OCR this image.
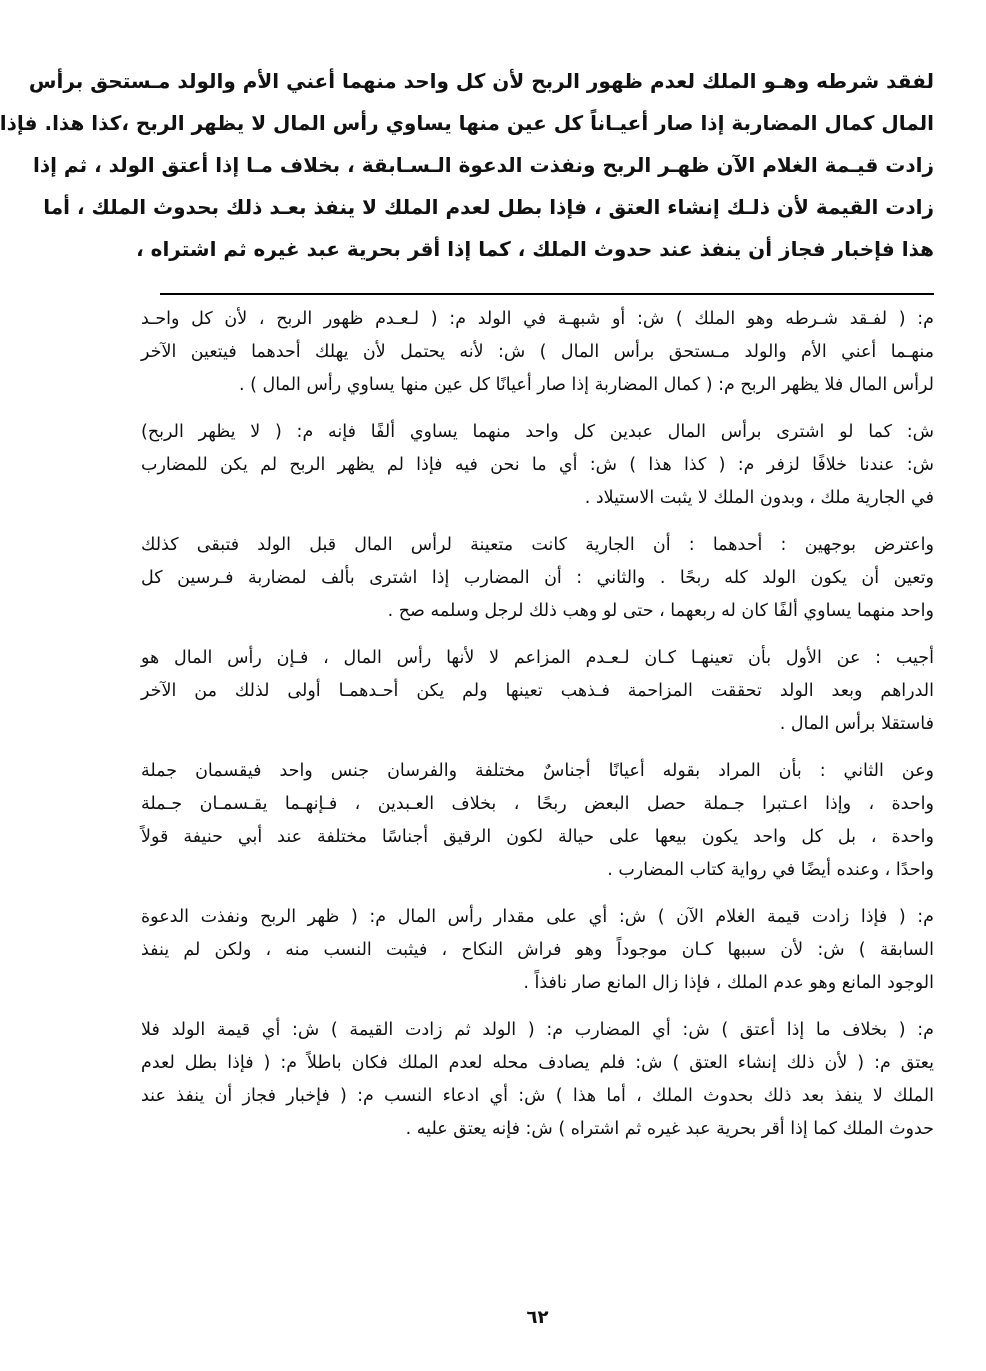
لفقد شرطه وهـو الملك لعدم ظهور الربح لأن كل واحد منهما أعني الأم والولد مـستحق برأس
المال كمال المضاربة إذا صار أعيـاناً كل عين منها يساوي رأس المال لا يظهر الربح ،كذا هذا. فإذا
زادت قيـمة الغلام الآن ظهـر الربح ونفذت الدعوة الـسـابقة ، بخلاف مـا إذا أعتق الولد ، ثم إذا
زادت القيمة لأن ذلـك إنشاء العتق ، فإذا بطل لعدم الملك لا ينفذ بعـد ذلك بحدوث الملك ، أما
هذا فإخبار فجاز أن ينفذ عند حدوث الملك ، كما إذا أقر بحرية عبد غيره ثم اشتراه ،
م: ( لفـقد شـرطه وهو الملك ) ش: أو شبهـة في الولد م: ( لـعـدم ظهور الربح ، لأن كل واحـد
منهـما أعني الأم والولد مـستحق برأس المال ) ش: لأنه يحتمل لأن يهلك أحدهما فيتعين الآخر
لرأس المال فلا يظهر الربح م: ( كمال المضاربة إذا صار أعيانًا كل عين منها يساوي رأس المال ) .
ش: كما لو اشترى برأس المال عبدين كل واحد منهما يساوي ألفًا فإنه م: ( لا يظهر الربح)
ش: عندنا خلافًا لزفر م: ( كذا هذا ) ش: أي ما نحن فيه فإذا لم يظهر الربح لم يكن للمضارب
في الجارية ملك ، وبدون الملك لا يثبت الاستيلاد .
واعترض بوجهين : أحدهما : أن الجارية كانت متعينة لرأس المال قبل الولد فتبقى كذلك
وتعين أن يكون الولد كله ربحًا . والثاني : أن المضارب إذا اشترى بألف لمضاربة فـرسين كل
واحد منهما يساوي ألفًا كان له ربعهما ، حتى لو وهب ذلك لرجل وسلمه صح .
أجيب : عن الأول بأن تعينهـا كـان لـعـدم المزاعم لا لأنها رأس المال ، فـإن رأس المال هو
الدراهم وبعد الولد تحققت المزاحمة فـذهب تعينها ولم يكن أحـدهمـا أولى لذلك من الآخر
فاستقلا برأس المال .
وعن الثاني : بأن المراد بقوله أعيانًا أجناسٌ مختلفة والفرسان جنس واحد فيقسمان جملة
واحدة ، وإذا اعـتبرا جـملة حصل البعض ربحًا ، بخلاف العـبدين ، فـإنهـما يقـسمـان جـملة
واحدة ، بل كل واحد يكون بيعها على حيالة لكون الرقيق أجناسًا مختلفة عند أبي حنيفة قولاً
واحدًا ، وعنده أيضًا في رواية كتاب المضارب .
م: ( فإذا زادت قيمة الغلام الآن ) ش: أي على مقدار رأس المال م: ( ظهر الربح ونفذت الدعوة
السابقة ) ش: لأن سببها كـان موجوداً وهو فراش النكاح ، فيثبت النسب منه ، ولكن لم ينفذ
الوجود المانع وهو عدم الملك ، فإذا زال المانع صار نافذاً .
م: ( بخلاف ما إذا أعتق ) ش: أي المضارب م: ( الولد ثم زادت القيمة ) ش: أي قيمة الولد فلا
يعتق م: ( لأن ذلك إنشاء العتق ) ش: فلم يصادف محله لعدم الملك فكان باطلاً م: ( فإذا بطل لعدم
الملك لا ينفذ بعد ذلك بحدوث الملك ، أما هذا ) ش: أي ادعاء النسب م: ( فإخبار فجاز أن ينفذ عند
حدوث الملك كما إذا أقر بحرية عبد غيره ثم اشتراه ) ش: فإنه يعتق عليه .
٦٢
